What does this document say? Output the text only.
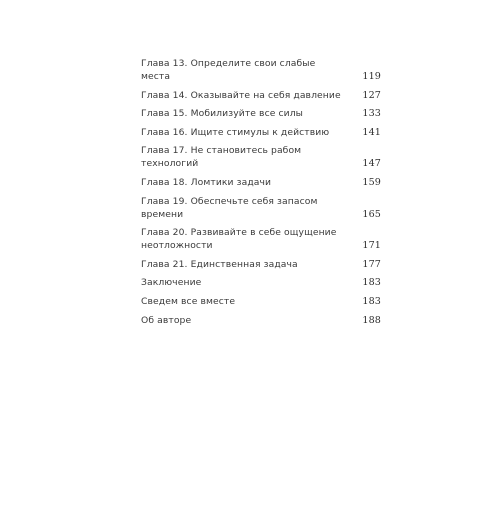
Глава 13. Определите свои слабые места	119
Глава 14. Оказывайте на себя давление	127
Глава 15. Мобилизуйте все силы	133
Глава 16. Ищите стимулы к действию	141
Глава 17. Не становитесь рабом технологий	147
Глава 18. Ломтики задачи	159
Глава 19. Обеспечьте себя запасом времени	165
Глава 20. Развивайте в себе ощущение
неотложности	171
Глава 21. Единственная задача	177
Заключение	183
Сведем все вместе	183
Об авторе	188
